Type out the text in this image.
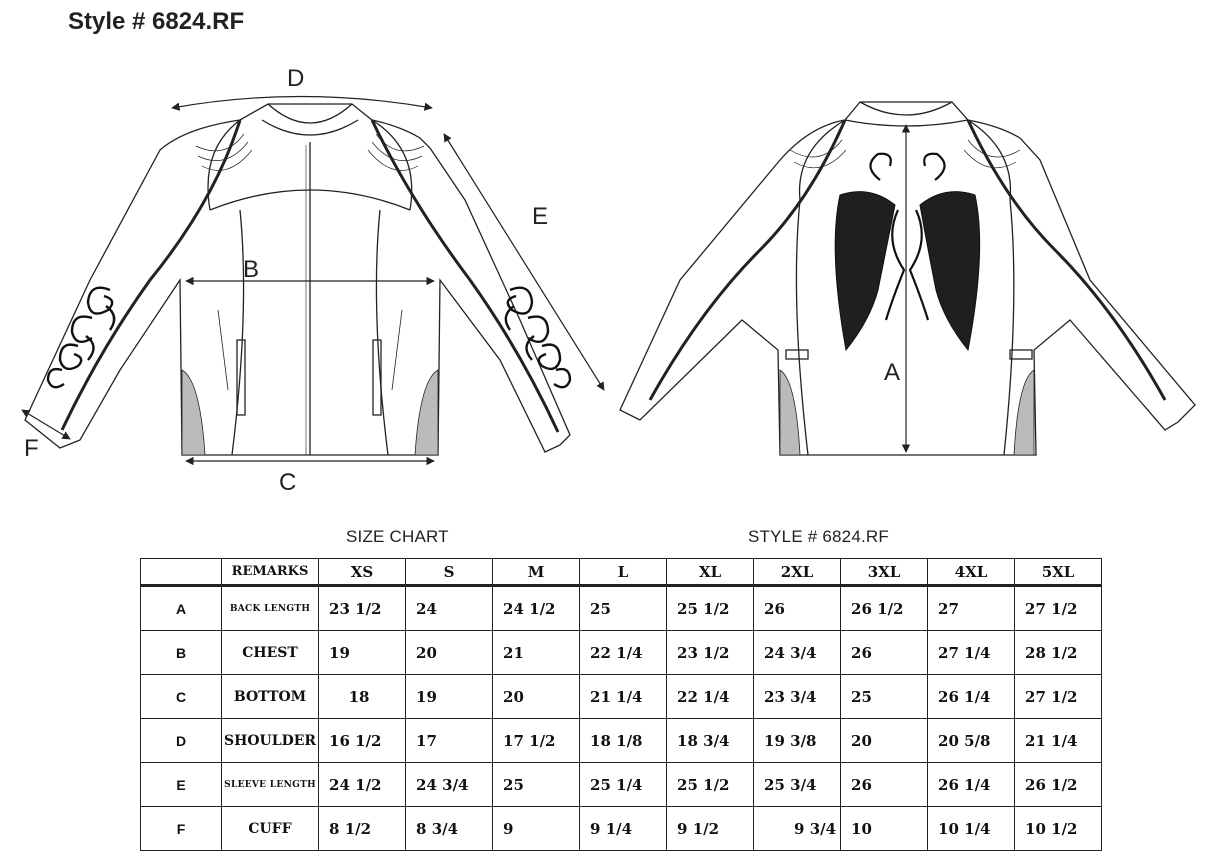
Style # 6824.RF
D
E
B
C
F
A
SIZE CHART	STYLE # 6824.RF
	REMARKS	XS	S	M	L	XL	2XL	3XL	4XL	5XL
A	BACK LENGTH	23 1/2	24	24 1/2	25	25 1/2	26	26 1/2	27	27 1/2
B	CHEST	19	20	21	22 1/4	23 1/2	24 3/4	26	27 1/4	28 1/2
C	BOTTOM	18	19	20	21 1/4	22 1/4	23 3/4	25	26 1/4	27 1/2
D	SHOULDER	16 1/2	17	17 1/2	18 1/8	18 3/4	19 3/8	20	20 5/8	21 1/4
E	SLEEVE LENGTH	24 1/2	24 3/4	25	25 1/4	25 1/2	25 3/4	26	26 1/4	26 1/2
F	CUFF	8 1/2	8 3/4	9	9 1/4	9 1/2	9 3/4	10	10 1/4	10 1/2
